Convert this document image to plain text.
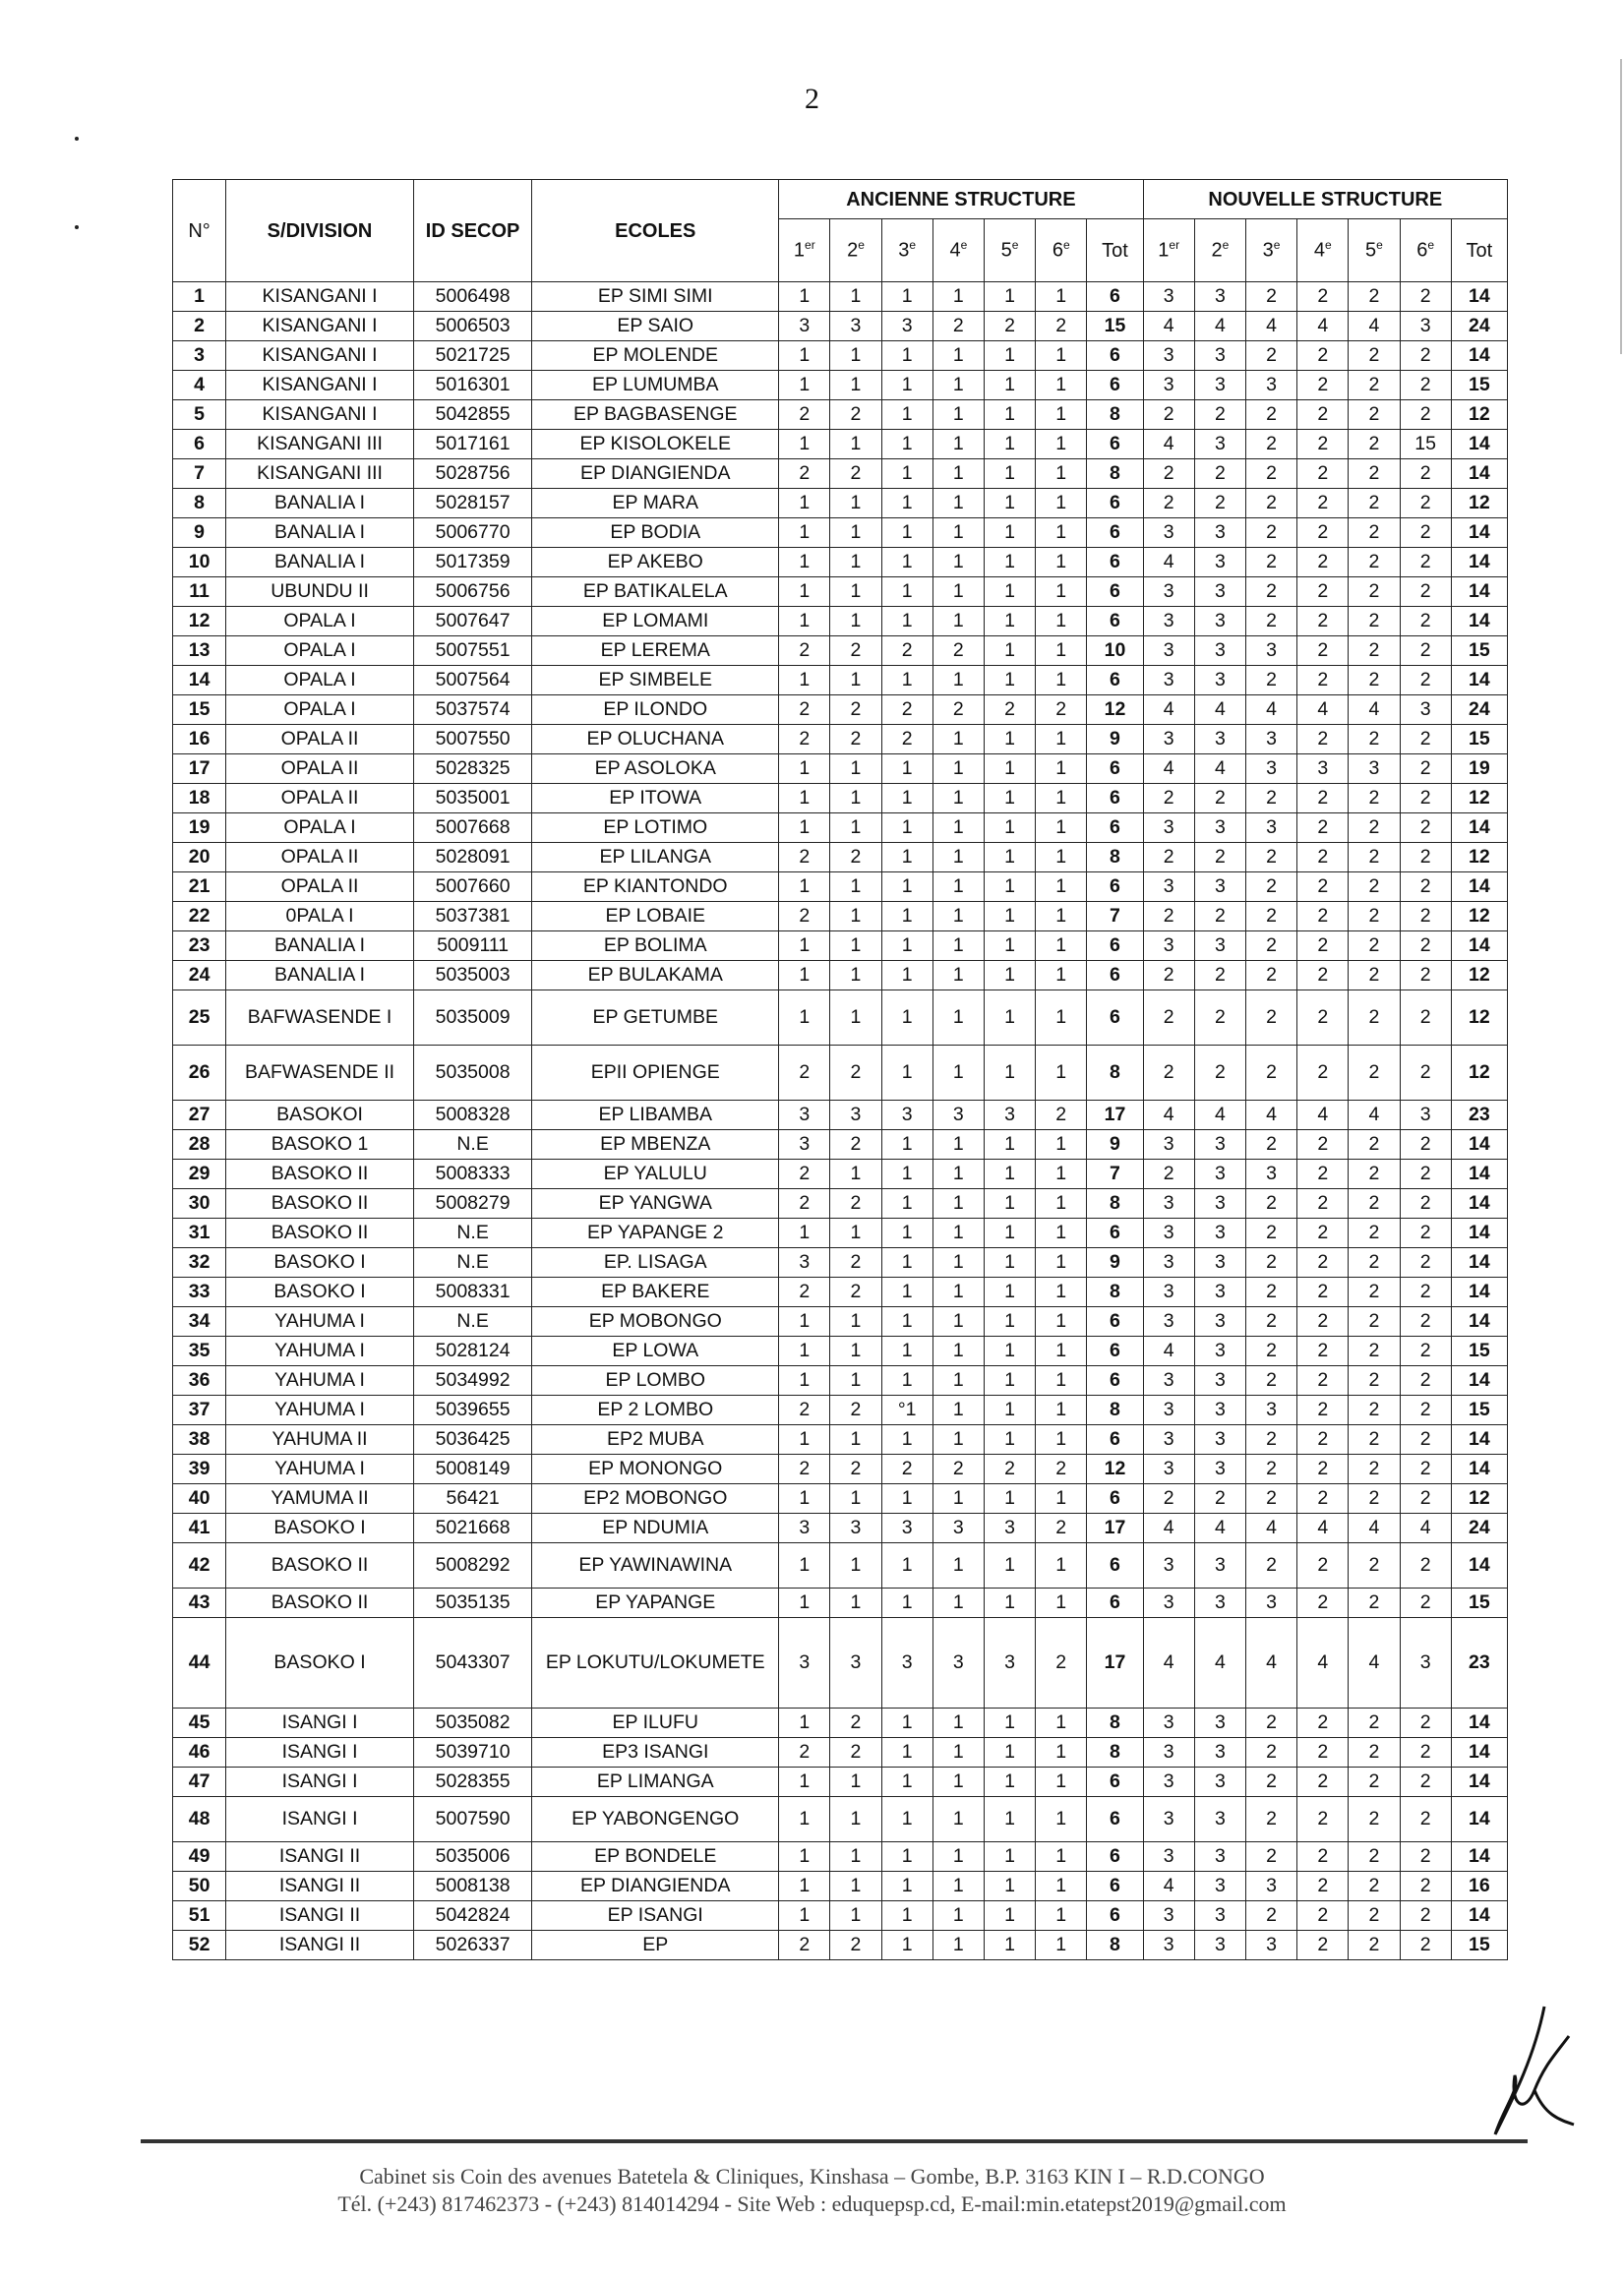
2
N°	S/DIVISION	ID SECOP	ECOLES	ANCIENNE STRUCTURE							NOUVELLE STRUCTURE						
				1er	2e	3e	4e	5e	6e	Tot	1er	2e	3e	4e	5e	6e	Tot
1	KISANGANI I	5006498	EP SIMI SIMI	1	1	1	1	1	1	6	3	3	2	2	2	2	14
2	KISANGANI I	5006503	EP SAIO	3	3	3	2	2	2	15	4	4	4	4	4	3	24
3	KISANGANI I	5021725	EP MOLENDE	1	1	1	1	1	1	6	3	3	2	2	2	2	14
4	KISANGANI I	5016301	EP LUMUMBA	1	1	1	1	1	1	6	3	3	3	2	2	2	15
5	KISANGANI I	5042855	EP BAGBASENGE	2	2	1	1	1	1	8	2	2	2	2	2	2	12
6	KISANGANI III	5017161	EP KISOLOKELE	1	1	1	1	1	1	6	4	3	2	2	2	15	14
7	KISANGANI III	5028756	EP DIANGIENDA	2	2	1	1	1	1	8	2	2	2	2	2	2	14
8	BANALIA I	5028157	EP MARA	1	1	1	1	1	1	6	2	2	2	2	2	2	12
9	BANALIA I	5006770	EP BODIA	1	1	1	1	1	1	6	3	3	2	2	2	2	14
10	BANALIA I	5017359	EP AKEBO	1	1	1	1	1	1	6	4	3	2	2	2	2	14
11	UBUNDU II	5006756	EP BATIKALELA	1	1	1	1	1	1	6	3	3	2	2	2	2	14
12	OPALA I	5007647	EP LOMAMI	1	1	1	1	1	1	6	3	3	2	2	2	2	14
13	OPALA I	5007551	EP LEREMA	2	2	2	2	1	1	10	3	3	3	2	2	2	15
14	OPALA I	5007564	EP SIMBELE	1	1	1	1	1	1	6	3	3	2	2	2	2	14
15	OPALA I	5037574	EP ILONDO	2	2	2	2	2	2	12	4	4	4	4	4	3	24
16	OPALA II	5007550	EP OLUCHANA	2	2	2	1	1	1	9	3	3	3	2	2	2	15
17	OPALA II	5028325	EP ASOLOKA	1	1	1	1	1	1	6	4	4	3	3	3	2	19
18	OPALA II	5035001	EP ITOWA	1	1	1	1	1	1	6	2	2	2	2	2	2	12
19	OPALA I	5007668	EP LOTIMO	1	1	1	1	1	1	6	3	3	3	2	2	2	14
20	OPALA II	5028091	EP LILANGA	2	2	1	1	1	1	8	2	2	2	2	2	2	12
21	OPALA II	5007660	EP KIANTONDO	1	1	1	1	1	1	6	3	3	2	2	2	2	14
22	0PALA I	5037381	EP LOBAIE	2	1	1	1	1	1	7	2	2	2	2	2	2	12
23	BANALIA I	5009111	EP BOLIMA	1	1	1	1	1	1	6	3	3	2	2	2	2	14
24	BANALIA I	5035003	EP BULAKAMA	1	1	1	1	1	1	6	2	2	2	2	2	2	12
25	BAFWASENDE I	5035009	EP GETUMBE	1	1	1	1	1	1	6	2	2	2	2	2	2	12
26	BAFWASENDE II	5035008	EPII OPIENGE	2	2	1	1	1	1	8	2	2	2	2	2	2	12
27	BASOKOI	5008328	EP LIBAMBA	3	3	3	3	3	2	17	4	4	4	4	4	3	23
28	BASOKO 1	N.E	EP MBENZA	3	2	1	1	1	1	9	3	3	2	2	2	2	14
29	BASOKO II	5008333	EP YALULU	2	1	1	1	1	1	7	2	3	3	2	2	2	14
30	BASOKO II	5008279	EP YANGWA	2	2	1	1	1	1	8	3	3	2	2	2	2	14
31	BASOKO II	N.E	EP YAPANGE 2	1	1	1	1	1	1	6	3	3	2	2	2	2	14
32	BASOKO I	N.E	EP. LISAGA	3	2	1	1	1	1	9	3	3	2	2	2	2	14
33	BASOKO I	5008331	EP BAKERE	2	2	1	1	1	1	8	3	3	2	2	2	2	14
34	YAHUMA I	N.E	EP MOBONGO	1	1	1	1	1	1	6	3	3	2	2	2	2	14
35	YAHUMA I	5028124	EP LOWA	1	1	1	1	1	1	6	4	3	2	2	2	2	15
36	YAHUMA I	5034992	EP LOMBO	1	1	1	1	1	1	6	3	3	2	2	2	2	14
37	YAHUMA I	5039655	EP 2 LOMBO	2	2	°1	1	1	1	8	3	3	3	2	2	2	15
38	YAHUMA II	5036425	EP2 MUBA	1	1	1	1	1	1	6	3	3	2	2	2	2	14
39	YAHUMA I	5008149	EP MONONGO	2	2	2	2	2	2	12	3	3	2	2	2	2	14
40	YAMUMA II	56421	EP2 MOBONGO	1	1	1	1	1	1	6	2	2	2	2	2	2	12
41	BASOKO I	5021668	EP NDUMIA	3	3	3	3	3	2	17	4	4	4	4	4	4	24
42	BASOKO II	5008292	EP YAWINAWINA	1	1	1	1	1	1	6	3	3	2	2	2	2	14
43	BASOKO II	5035135	EP YAPANGE	1	1	1	1	1	1	6	3	3	3	2	2	2	15
44	BASOKO I	5043307	EP LOKUTU/LOKUMETE	3	3	3	3	3	2	17	4	4	4	4	4	3	23
45	ISANGI I	5035082	EP ILUFU	1	2	1	1	1	1	8	3	3	2	2	2	2	14
46	ISANGI I	5039710	EP3 ISANGI	2	2	1	1	1	1	8	3	3	2	2	2	2	14
47	ISANGI I	5028355	EP LIMANGA	1	1	1	1	1	1	6	3	3	2	2	2	2	14
48	ISANGI I	5007590	EP YABONGENGO	1	1	1	1	1	1	6	3	3	2	2	2	2	14
49	ISANGI II	5035006	EP BONDELE	1	1	1	1	1	1	6	3	3	2	2	2	2	14
50	ISANGI II	5008138	EP DIANGIENDA	1	1	1	1	1	1	6	4	3	3	2	2	2	16
51	ISANGI II	5042824	EP ISANGI	1	1	1	1	1	1	6	3	3	2	2	2	2	14
52	ISANGI II	5026337	EP	2	2	1	1	1	1	8	3	3	3	2	2	2	15
Cabinet sis Coin des avenues Batetela & Cliniques, Kinshasa – Gombe, B.P. 3163 KIN I – R.D.CONGO
Tél. (+243) 817462373 - (+243) 814014294 - Site Web : eduquepsp.cd, E-mail:min.etatepst2019@gmail.com
